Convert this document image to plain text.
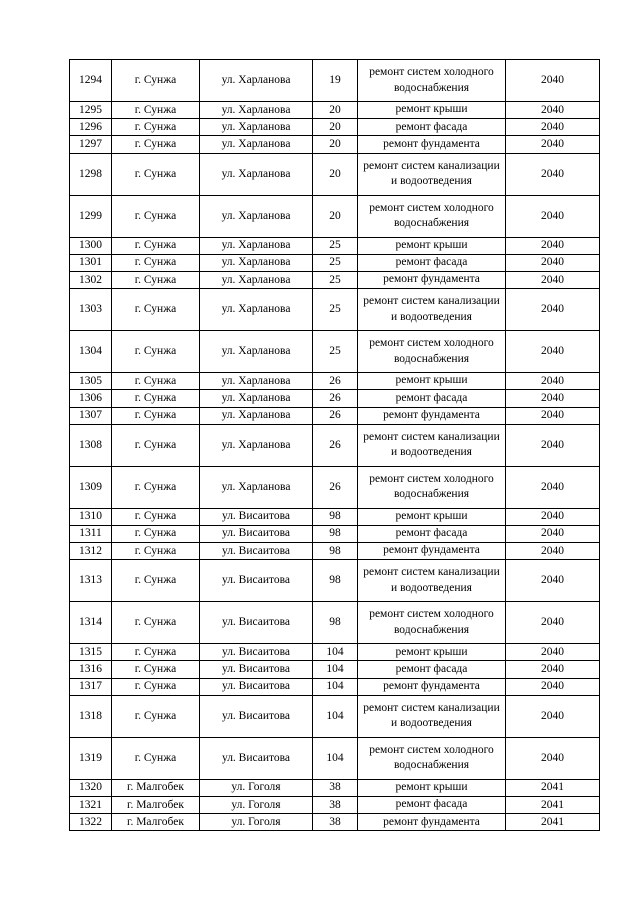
1294	г. Сунжа	ул. Харланова	19	ремонт систем холодного водоснабжения	2040
1295	г. Сунжа	ул. Харланова	20	ремонт крыши	2040
1296	г. Сунжа	ул. Харланова	20	ремонт фасада	2040
1297	г. Сунжа	ул. Харланова	20	ремонт фундамента	2040
1298	г. Сунжа	ул. Харланова	20	ремонт систем канализации и водоотведения	2040
1299	г. Сунжа	ул. Харланова	20	ремонт систем холодного водоснабжения	2040
1300	г. Сунжа	ул. Харланова	25	ремонт крыши	2040
1301	г. Сунжа	ул. Харланова	25	ремонт фасада	2040
1302	г. Сунжа	ул. Харланова	25	ремонт фундамента	2040
1303	г. Сунжа	ул. Харланова	25	ремонт систем канализации и водоотведения	2040
1304	г. Сунжа	ул. Харланова	25	ремонт систем холодного водоснабжения	2040
1305	г. Сунжа	ул. Харланова	26	ремонт крыши	2040
1306	г. Сунжа	ул. Харланова	26	ремонт фасада	2040
1307	г. Сунжа	ул. Харланова	26	ремонт фундамента	2040
1308	г. Сунжа	ул. Харланова	26	ремонт систем канализации и водоотведения	2040
1309	г. Сунжа	ул. Харланова	26	ремонт систем холодного водоснабжения	2040
1310	г. Сунжа	ул. Висаитова	98	ремонт крыши	2040
1311	г. Сунжа	ул. Висаитова	98	ремонт фасада	2040
1312	г. Сунжа	ул. Висаитова	98	ремонт фундамента	2040
1313	г. Сунжа	ул. Висаитова	98	ремонт систем канализации и водоотведения	2040
1314	г. Сунжа	ул. Висаитова	98	ремонт систем холодного водоснабжения	2040
1315	г. Сунжа	ул. Висаитова	104	ремонт крыши	2040
1316	г. Сунжа	ул. Висаитова	104	ремонт фасада	2040
1317	г. Сунжа	ул. Висаитова	104	ремонт фундамента	2040
1318	г. Сунжа	ул. Висаитова	104	ремонт систем канализации и водоотведения	2040
1319	г. Сунжа	ул. Висаитова	104	ремонт систем холодного водоснабжения	2040
1320	г. Малгобек	ул. Гоголя	38	ремонт крыши	2041
1321	г. Малгобек	ул. Гоголя	38	ремонт фасада	2041
1322	г. Малгобек	ул. Гоголя	38	ремонт фундамента	2041
